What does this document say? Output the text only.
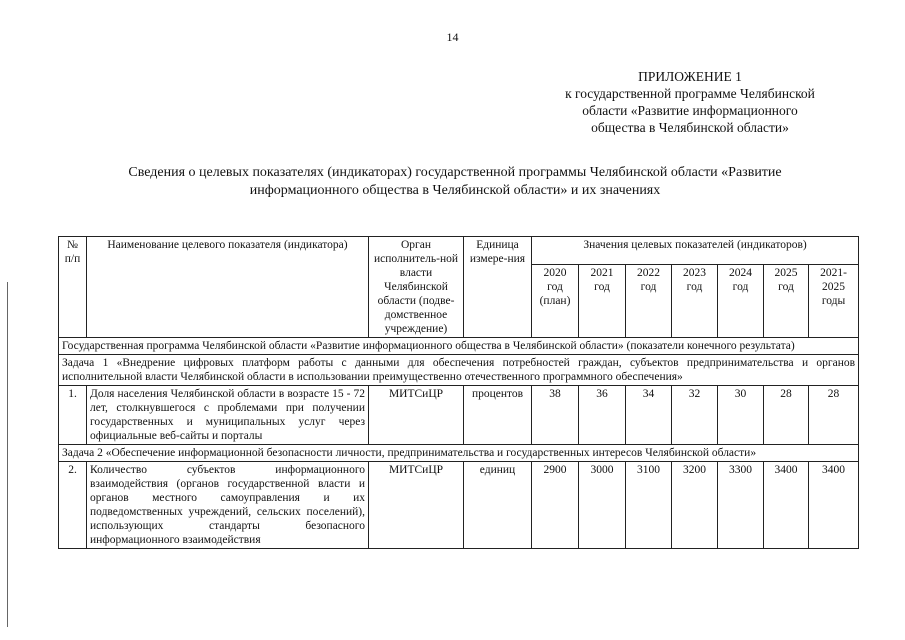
14
ПРИЛОЖЕНИЕ 1
к государственной программе Челябинской
области «Развитие информационного
общества в Челябинской области»
Сведения о целевых показателях (индикаторах) государственной программы Челябинской области «Развитие
информационного общества в Челябинской области» и их значениях
№ п/п	Наименование целевого показателя (индикатора)	Орган исполнитель-ной власти Челябинской области (подве-домственное учреждение)	Единица измере-ния	Значения целевых показателей (индикаторов)						
				2020 год (план)	2021 год	2022 год	2023 год	2024 год	2025 год	2021-2025 годы
Государственная программа Челябинской области «Развитие информационного общества в Челябинской области» (показатели конечного результата)										
Задача 1 «Внедрение цифровых платформ работы с данными для обеспечения потребностей граждан, субъектов предпринимательства и органов исполнительной власти Челябинской области в использовании преимущественно отечественного программного обеспечения»										
1.	Доля населения Челябинской области в возрасте 15 - 72 лет, столкнувшегося с проблемами при получении государственных и муниципальных услуг через официальные веб-сайты и порталы	МИТСиЦР	процентов	38	36	34	32	30	28	28
Задача 2 «Обеспечение информационной безопасности личности, предпринимательства и государственных интересов Челябинской области»										
2.	Количество субъектов информационного взаимодействия (органов государственной власти и органов местного самоуправления и их подведомственных учреждений, сельских поселений), использующих стандарты безопасного информационного взаимодействия	МИТСиЦР	единиц	2900	3000	3100	3200	3300	3400	3400
